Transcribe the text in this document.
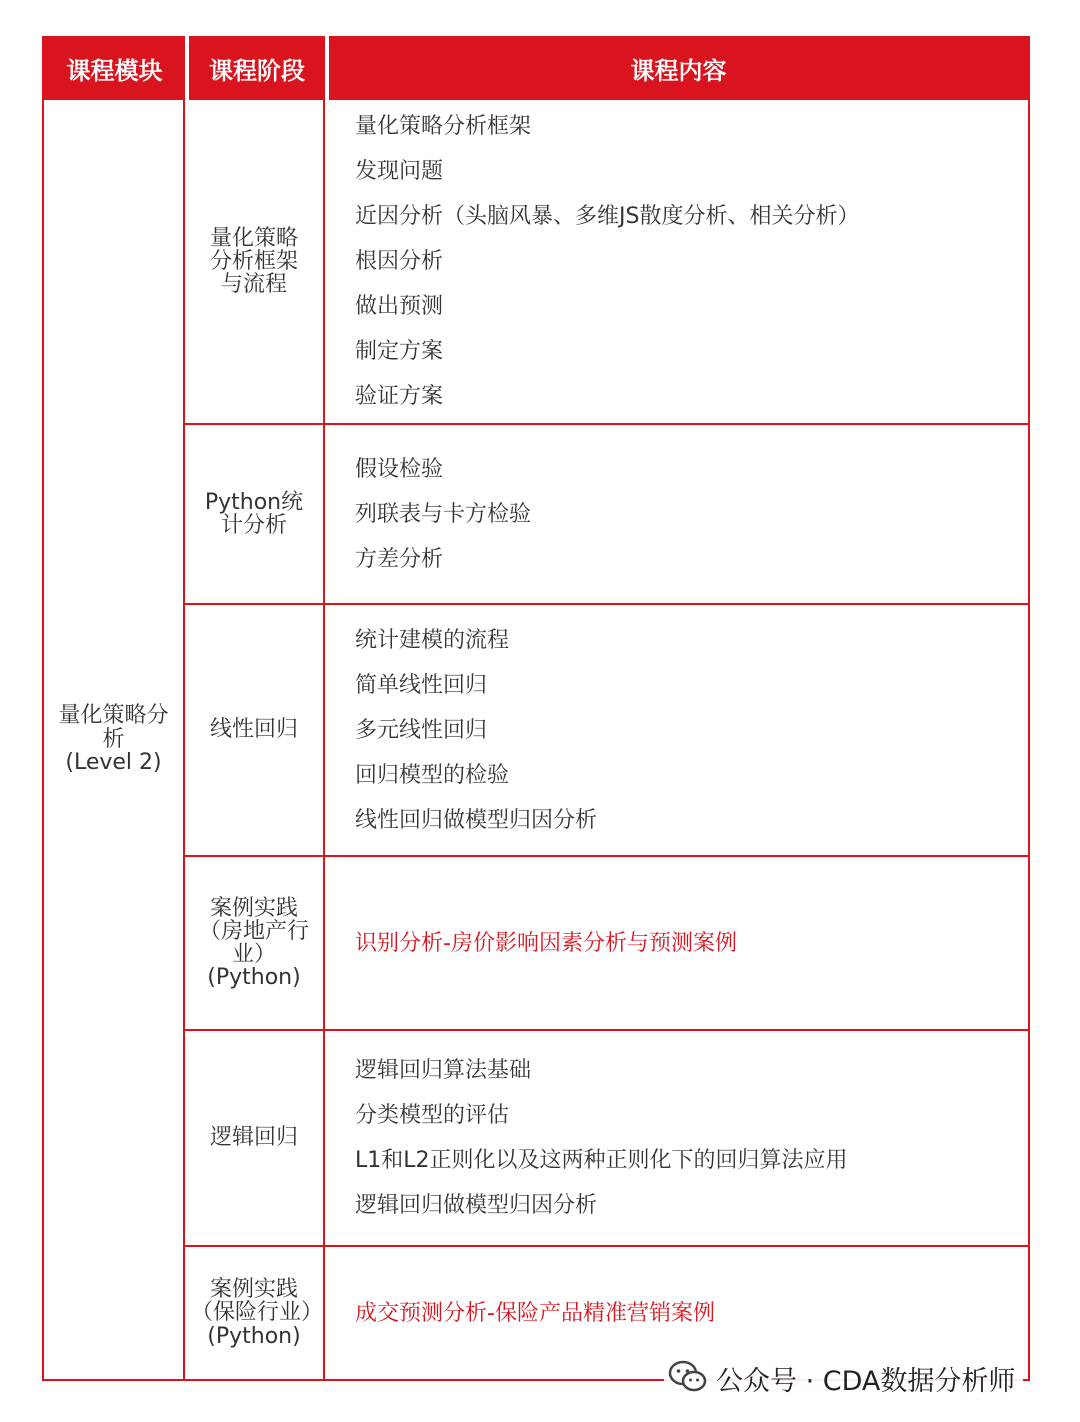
课程模块	课程阶段	课程内容
量化策略分析
(Level 2)
量化策略
分析框架
与流程
量化策略分析框架
发现问题
近因分析（头脑风暴、多维JS散度分析、相关分析）
根因分析
做出预测
制定方案
验证方案
Python统
计分析
假设检验
列联表与卡方检验
方差分析
线性回归
统计建模的流程
简单线性回归
多元线性回归
回归模型的检验
线性回归做模型归因分析
案例实践
（房地产行
业）
(Python)
识别分析-房价影响因素分析与预测案例
逻辑回归
逻辑回归算法基础
分类模型的评估
L1和L2正则化以及这两种正则化下的回归算法应用
逻辑回归做模型归因分析
案例实践
（保险行业）
(Python)
成交预测分析-保险产品精准营销案例
公众号 · CDA数据分析师
